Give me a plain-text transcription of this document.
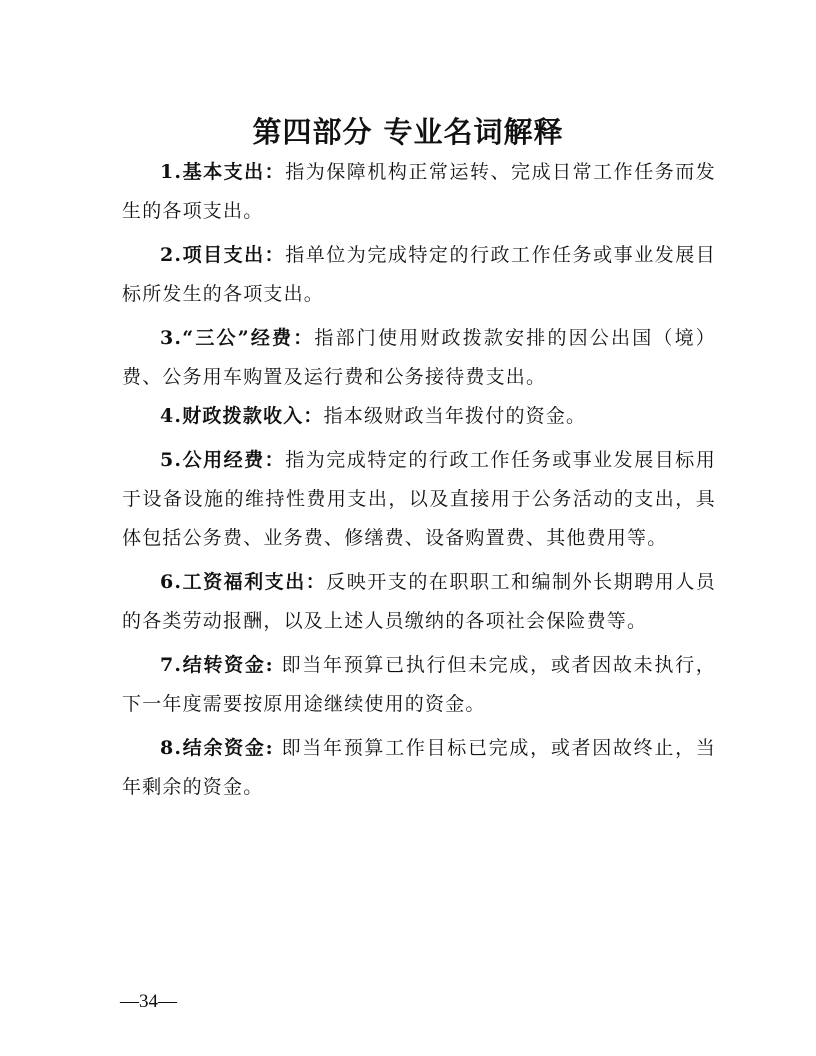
第四部分 专业名词解释

1.基本支出：指为保障机构正常运转、完成日常工作任务而发生的各项支出。

2.项目支出：指单位为完成特定的行政工作任务或事业发展目标所发生的各项支出。

3.“三公”经费：指部门使用财政拨款安排的因公出国（境）费、公务用车购置及运行费和公务接待费支出。

4.财政拨款收入：指本级财政当年拨付的资金。

5.公用经费：指为完成特定的行政工作任务或事业发展目标用于设备设施的维持性费用支出，以及直接用于公务活动的支出，具体包括公务费、业务费、修缮费、设备购置费、其他费用等。

6.工资福利支出：反映开支的在职职工和编制外长期聘用人员的各类劳动报酬，以及上述人员缴纳的各项社会保险费等。

7.结转资金: 即当年预算已执行但未完成，或者因故未执行，下一年度需要按原用途继续使用的资金。

8.结余资金: 即当年预算工作目标已完成，或者因故终止，当年剩余的资金。

—34—
